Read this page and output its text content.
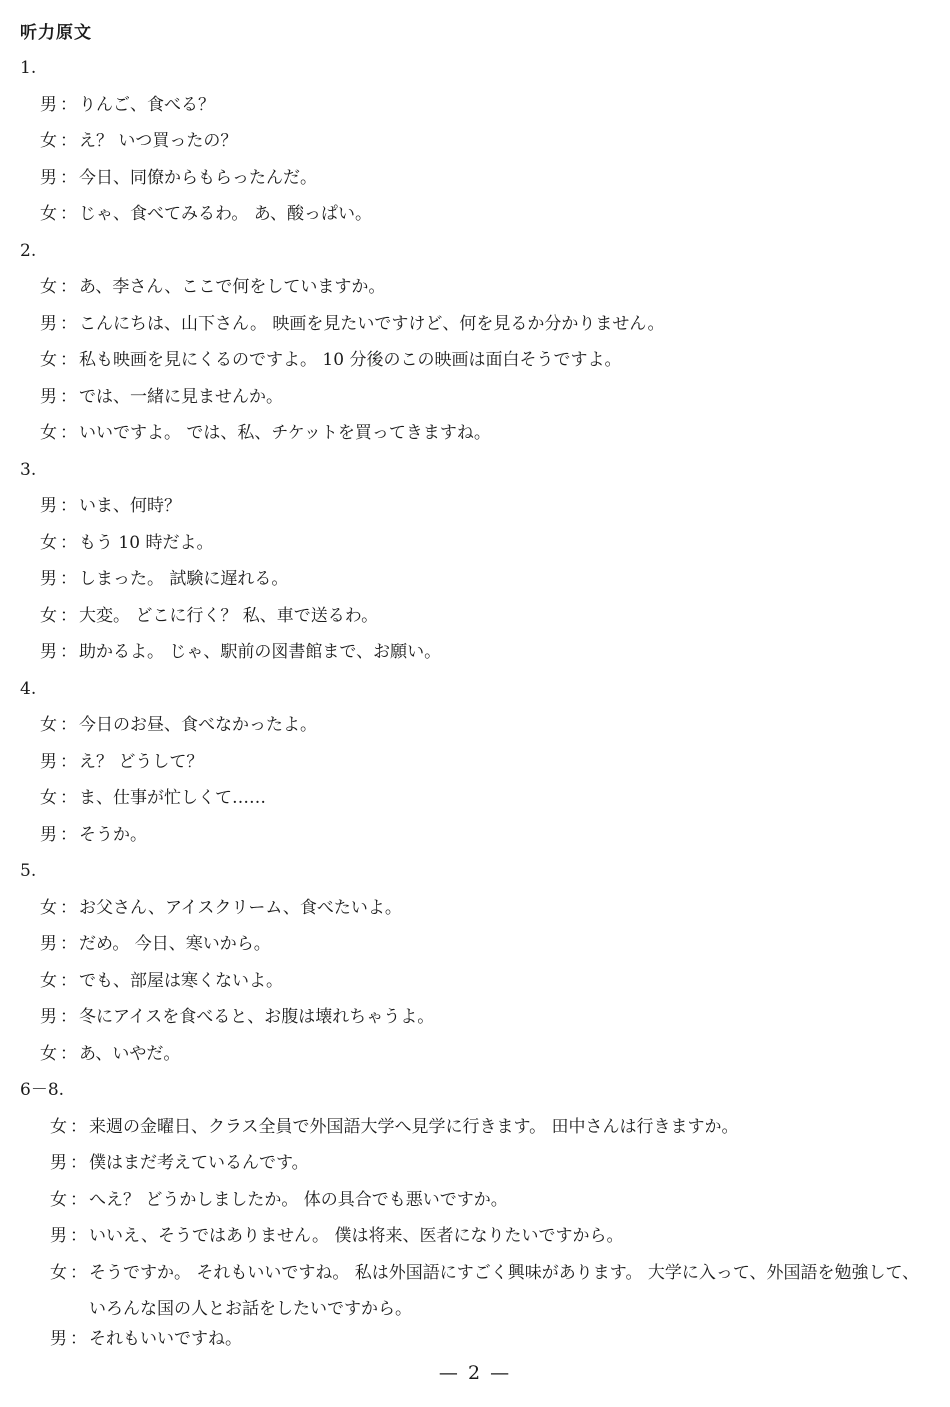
听力原文
1.
男 ： りんご、食べる？
女 ： え？ いつ買ったの？
男 ： 今日、同僚からもらったんだ。
女 ： じゃ、食べてみるわ。 あ、酸っぱい。
2.
女 ： あ、李さん、ここで何をしていますか。
男 ： こんにちは、山下さん。 映画を見たいですけど、何を見るか分かりません。
女 ： 私も映画を見にくるのですよ。 10 分後のこの映画は面白そうですよ。
男 ： では、一緒に見ませんか。
女 ： いいですよ。 では、私、チケットを買ってきますね。
3.
男 ： いま、何時？
女 ： もう 10 時だよ。
男 ： しまった。 試験に遅れる。
女 ： 大変。 どこに行く？ 私、車で送るわ。
男 ： 助かるよ。 じゃ、駅前の図書館まで、お願い。
4.
女 ： 今日のお昼、食べなかったよ。
男 ： え？ どうして？
女 ： ま、仕事が忙しくて……
男 ： そうか。
5.
女 ： お父さん、アイスクリーム、食べたいよ。
男 ： だめ。 今日、寒いから。
女 ： でも、部屋は寒くないよ。
男 ： 冬にアイスを食べると、お腹は壊れちゃうよ。
女 ： あ、いやだ。
6－8.
女 ： 来週の金曜日、クラス全員で外国語大学へ見学に行きます。 田中さんは行きますか。
男 ： 僕はまだ考えているんです。
女 ： へえ？ どうかしましたか。 体の具合でも悪いですか。
男 ： いいえ、そうではありません。 僕は将来、医者になりたいですから。
女 ： そうですか。 それもいいですね。 私は外国語にすごく興味があります。 大学に入って、外国語を勉強して、いろんな国の人とお話をしたいですから。
男 ： それもいいですね。
— 2 —
